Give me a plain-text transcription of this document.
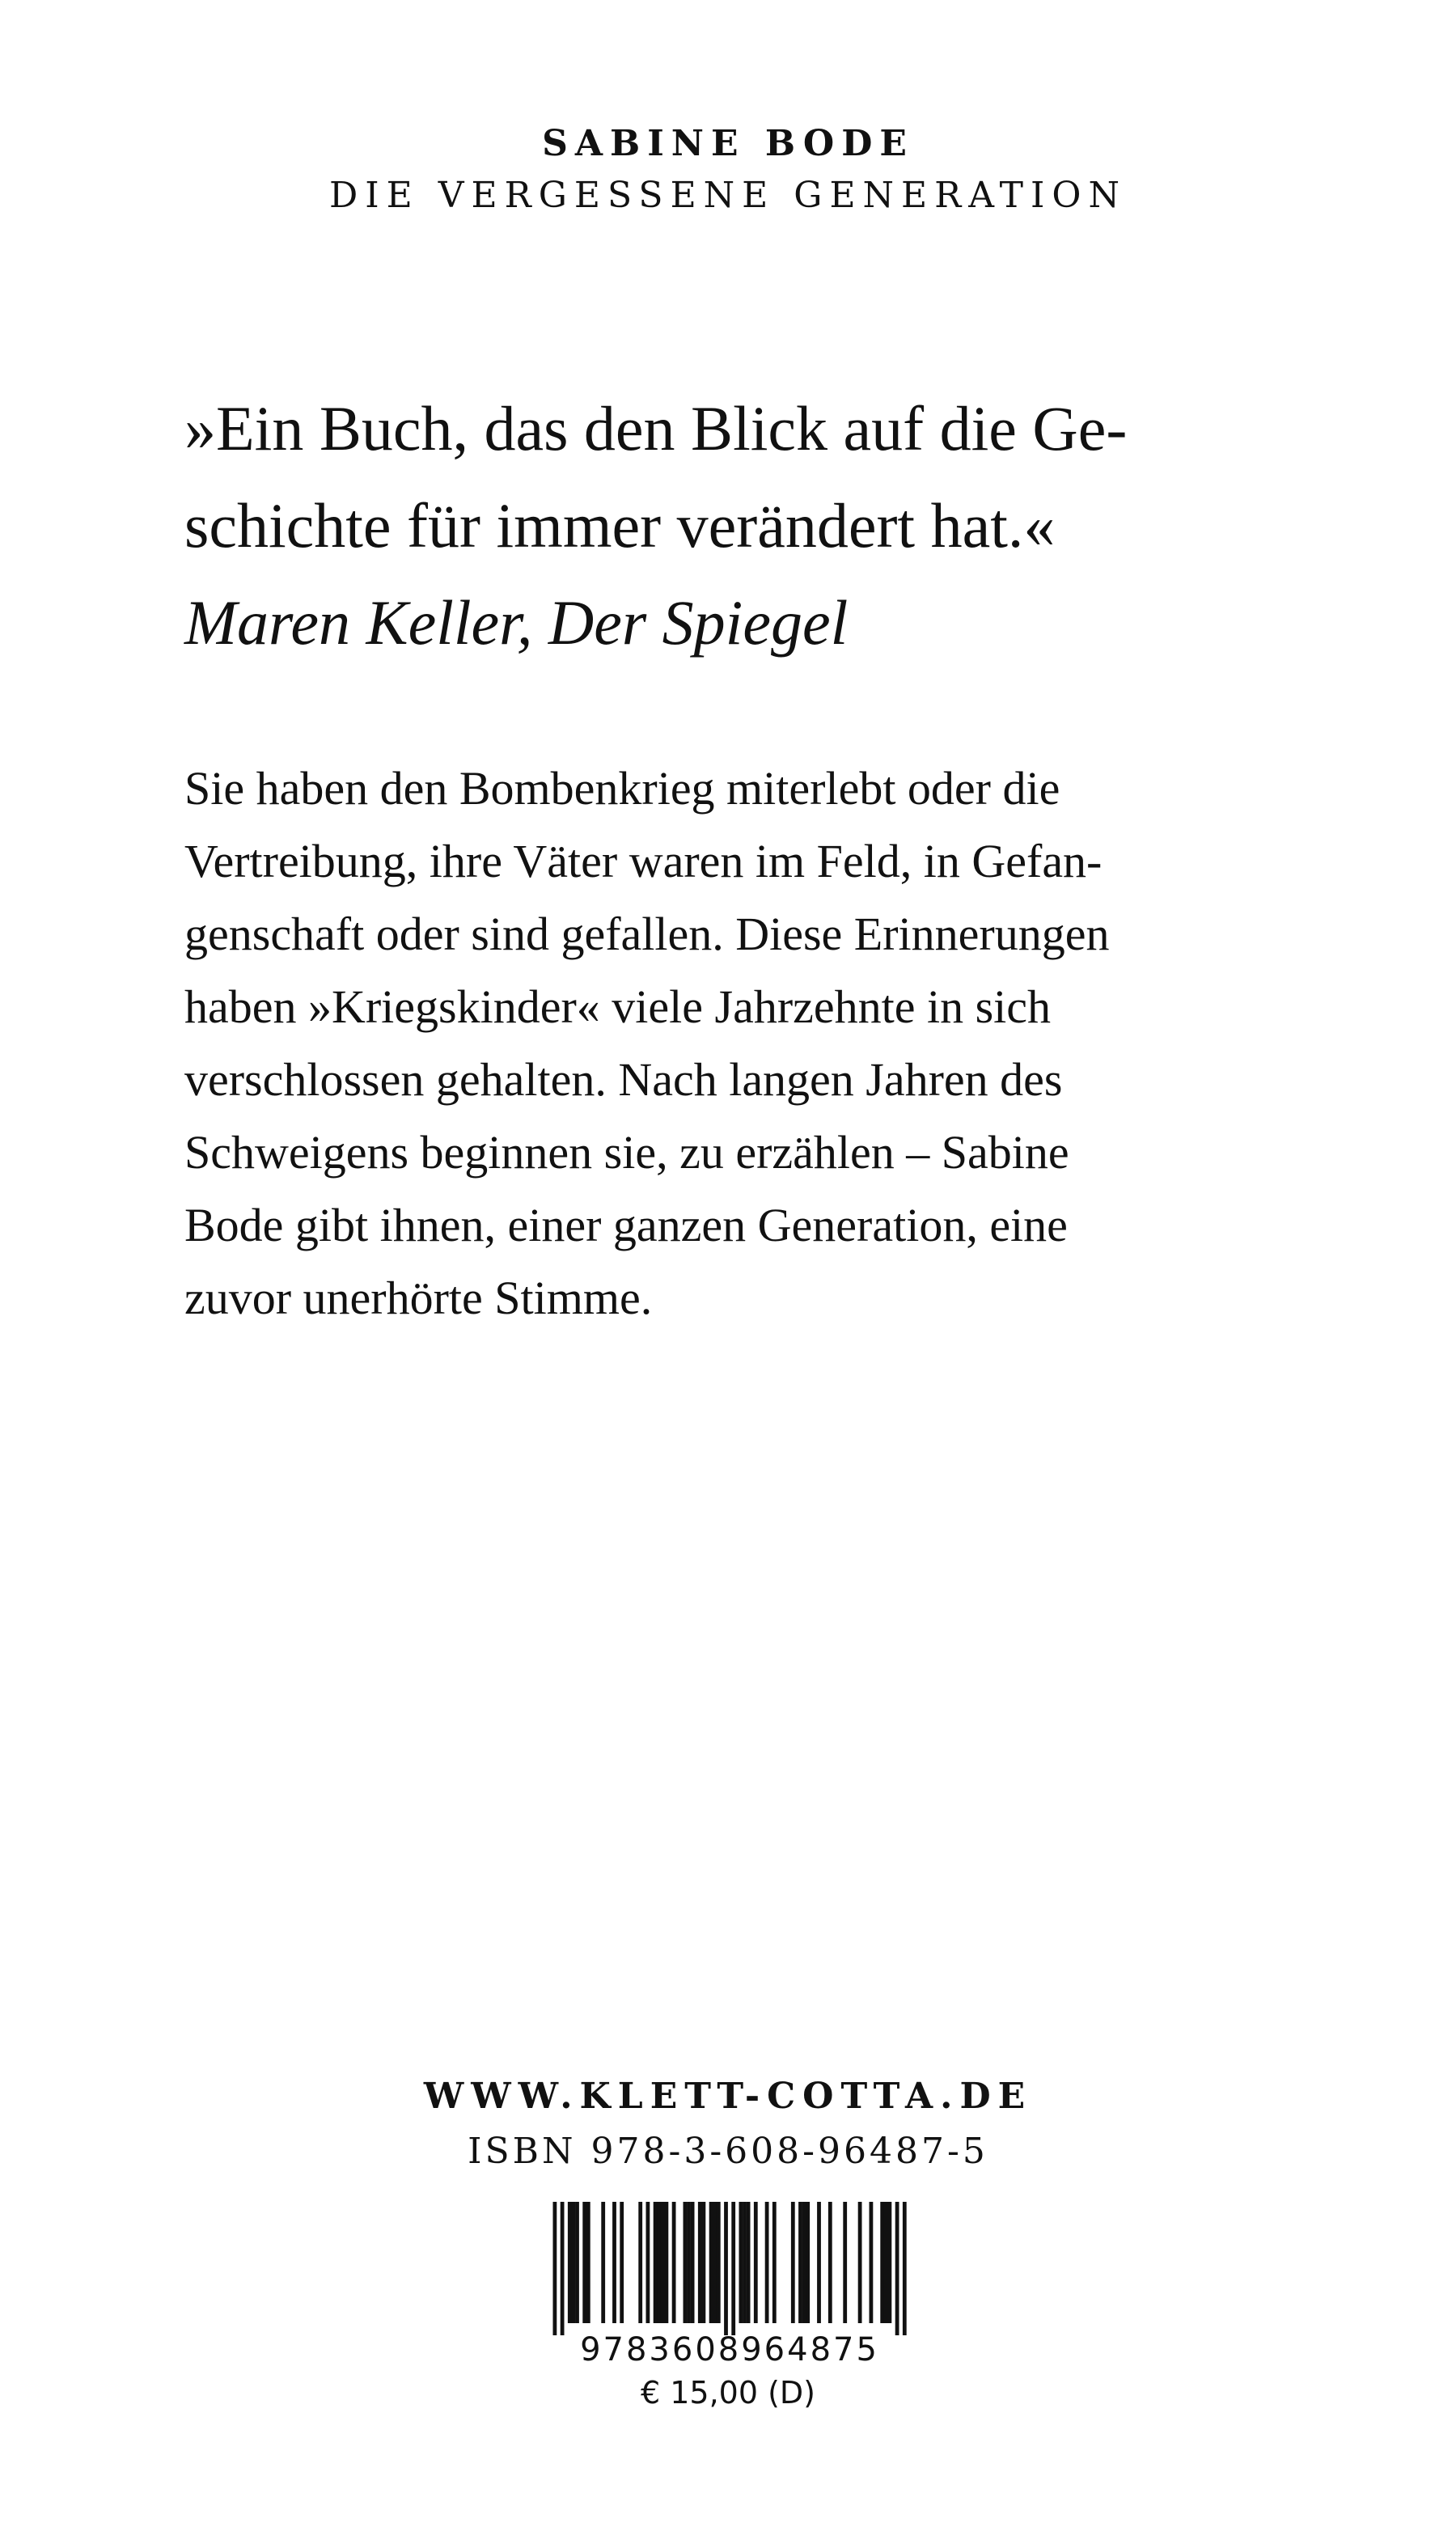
SABINE BODE
DIE VERGESSENE GENERATION
»Ein Buch, das den Blick auf die Ge-
schichte für immer verändert hat.«
Maren Keller, Der Spiegel
Sie haben den Bombenkrieg miterlebt oder die
Vertreibung, ihre Väter waren im Feld, in Gefan-
genschaft oder sind gefallen. Diese Erinnerungen
haben »Kriegskinder« viele Jahrzehnte in sich
verschlossen gehalten. Nach langen Jahren des
Schweigens beginnen sie, zu erzählen – Sabine
Bode gibt ihnen, einer ganzen Generation, eine
zuvor unerhörte Stimme.
WWW.KLETT-COTTA.DE
ISBN 978-3-608-96487-5
9783608964875
€ 15,00 (D)
